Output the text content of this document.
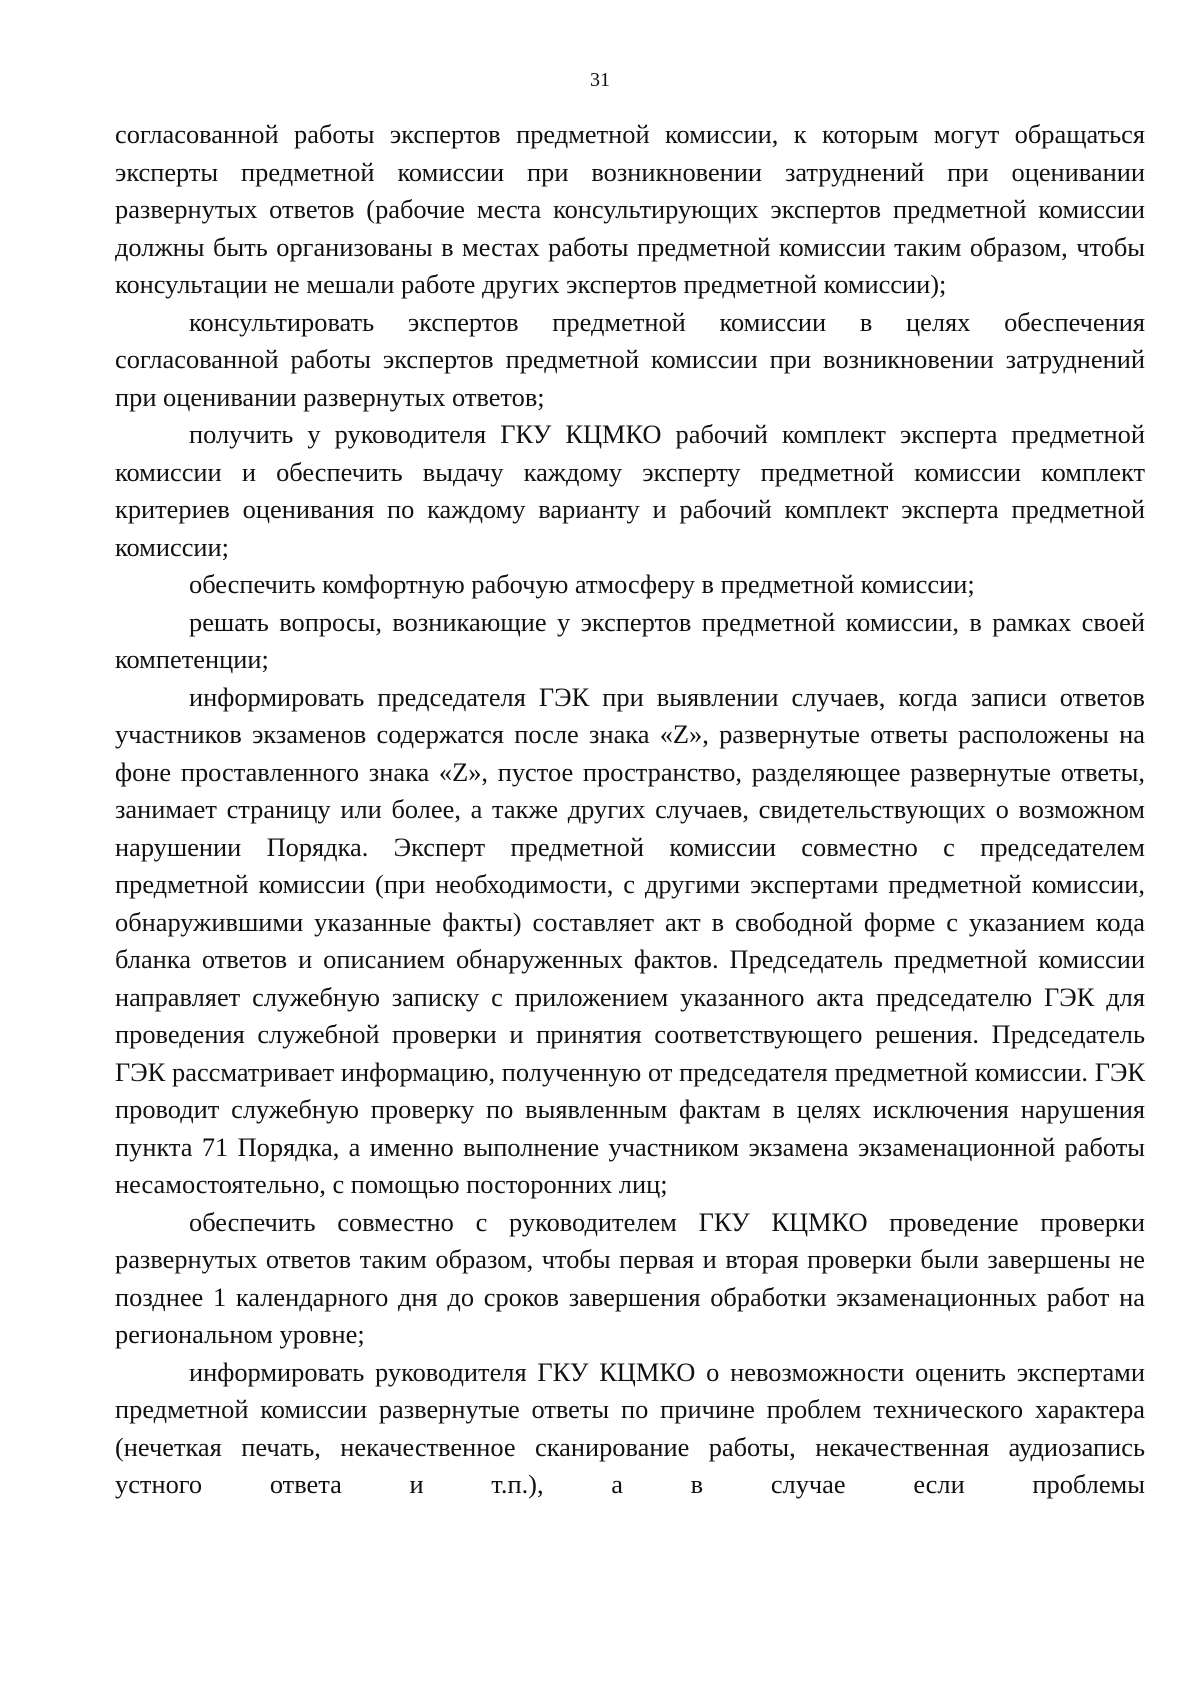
31

согласованной работы экспертов предметной комиссии, к которым могут обращаться эксперты предметной комиссии при возникновении затруднений при оценивании развернутых ответов (рабочие места консультирующих экспертов предметной комиссии должны быть организованы в местах работы предметной комиссии таким образом, чтобы консультации не мешали работе других экспертов предметной комиссии);

консультировать экспертов предметной комиссии в целях обеспечения согласованной работы экспертов предметной комиссии при возникновении затруднений при оценивании развернутых ответов;

получить у руководителя ГКУ КЦМКО рабочий комплект эксперта предметной комиссии и обеспечить выдачу каждому эксперту предметной комиссии комплект критериев оценивания по каждому варианту и рабочий комплект эксперта предметной комиссии;

обеспечить комфортную рабочую атмосферу в предметной комиссии;

решать вопросы, возникающие у экспертов предметной комиссии, в рамках своей компетенции;

информировать председателя ГЭК при выявлении случаев, когда записи ответов участников экзаменов содержатся после знака «Z», развернутые ответы расположены на фоне проставленного знака «Z», пустое пространство, разделяющее развернутые ответы, занимает страницу или более, а также других случаев, свидетельствующих о возможном нарушении Порядка. Эксперт предметной комиссии совместно с председателем предметной комиссии (при необходимости, с другими экспертами предметной комиссии, обнаружившими указанные факты) составляет акт в свободной форме с указанием кода бланка ответов и описанием обнаруженных фактов. Председатель предметной комиссии направляет служебную записку с приложением указанного акта председателю ГЭК для проведения служебной проверки и принятия соответствующего решения. Председатель ГЭК рассматривает информацию, полученную от председателя предметной комиссии. ГЭК проводит служебную проверку по выявленным фактам в целях исключения нарушения пункта 71 Порядка, а именно выполнение участником экзамена экзаменационной работы несамостоятельно, с помощью посторонних лиц;

обеспечить совместно с руководителем ГКУ КЦМКО проведение проверки развернутых ответов таким образом, чтобы первая и вторая проверки были завершены не позднее 1 календарного дня до сроков завершения обработки экзаменационных работ на региональном уровне;

информировать руководителя ГКУ КЦМКО о невозможности оценить экспертами предметной комиссии развернутые ответы по причине проблем технического характера (нечеткая печать, некачественное сканирование работы, некачественная аудиозапись устного ответа и т.п.), а в случае если проблемы
